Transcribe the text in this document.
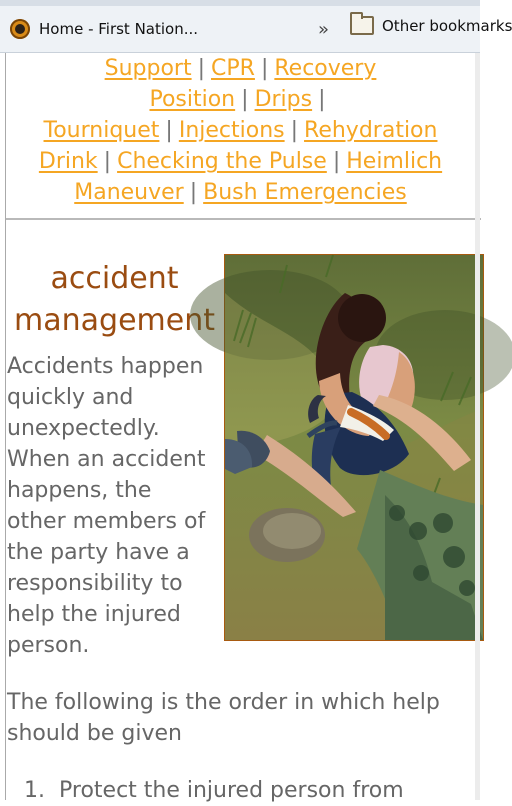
Home - First Nation...	»	Other bookmarks
Support | CPR | Recovery
Position | Drips |
Tourniquet | Injections | Rehydration
Drink | Checking the Pulse | Heimlich
Maneuver | Bush Emergencies
accident
management
Accidents happen
quickly and
unexpectedly.
When an accident
happens, the
other members of
the party have a
responsibility to
help the injured
person.
The following is the order in which help
should be given
1. Protect the injured person from
